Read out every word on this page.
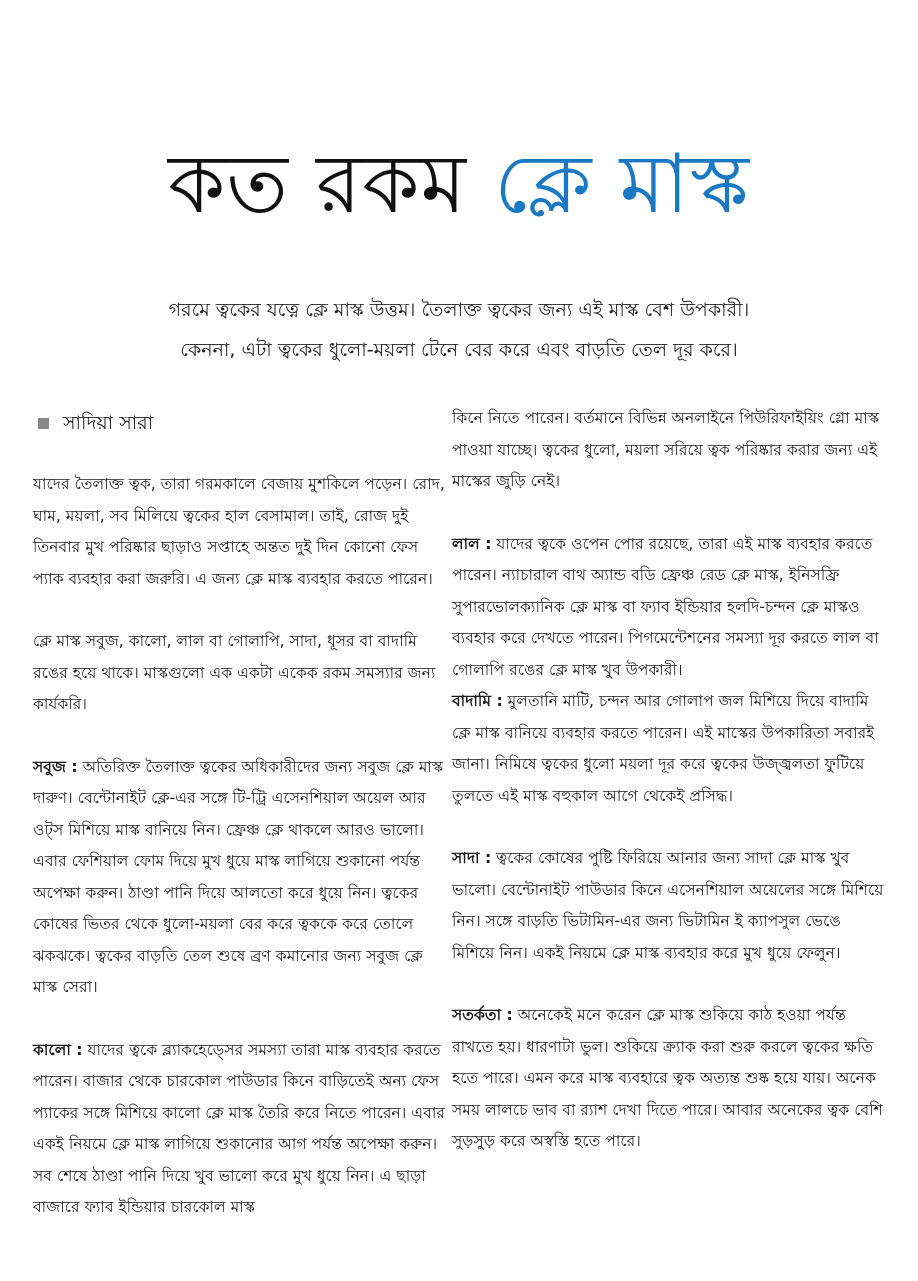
কত রকম ক্লে মাস্ক

গরমে ত্বকের যত্নে ক্লে মাস্ক উত্তম। তৈলাক্ত ত্বকের জন্য এই মাস্ক বেশ উপকারী।

কেননা, এটা ত্বকের ধুলো-ময়লা টেনে বের করে এবং বাড়তি তেল দূর করে।

সাদিয়া সারা

যাদের তৈলাক্ত ত্বক, তারা গরমকালে বেজায় মুশকিলে পড়েন। রোদ, ঘাম, ময়লা, সব মিলিয়ে ত্বকের হাল বেসামাল। তাই, রোজ দুই তিনবার মুখ পরিষ্কার ছাড়াও সপ্তাহে অন্তত দুই দিন কোনো ফেস প্যাক ব্যবহার করা জরুরি। এ জন্য ক্লে মাস্ক ব্যবহার করতে পারেন।

ক্লে মাস্ক সবুজ, কালো, লাল বা গোলাপি, সাদা, ধূসর বা বাদামি রঙের হয়ে থাকে। মাস্কগুলো এক একটা একেক রকম সমস্যার জন্য কার্যকরি।

সবুজ : অতিরিক্ত তৈলাক্ত ত্বকের অধিকারীদের জন্য সবুজ ক্লে মাস্ক দারুণ। বেন্টোনাইট ক্লে-এর সঙ্গে টি-ট্রি এসেনশিয়াল অয়েল আর ওট্স মিশিয়ে মাস্ক বানিয়ে নিন। ফ্রেঞ্চ ক্লে থাকলে আরও ভালো। এবার ফেশিয়াল ফোম দিয়ে মুখ ধুয়ে মাস্ক লাগিয়ে শুকানো পর্যন্ত অপেক্ষা করুন। ঠাণ্ডা পানি দিয়ে আলতো করে ধুয়ে নিন। ত্বকের কোষের ভিতর থেকে ধুলো-ময়লা বের করে ত্বককে করে তোলে ঝকঝকে। ত্বকের বাড়তি তেল শুষে ব্রণ কমানোর জন্য সবুজ ক্লে মাস্ক সেরা।

কালো : যাদের ত্বকে ব্ল্যাকহেড্সের সমস্যা তারা মাস্ক ব্যবহার করতে পারেন। বাজার থেকে চারকোল পাউডার কিনে বাড়িতেই অন্য ফেস প্যাকের সঙ্গে মিশিয়ে কালো ক্লে মাস্ক তৈরি করে নিতে পারেন। এবার একই নিয়মে ক্লে মাস্ক লাগিয়ে শুকানোর আগ পর্যন্ত অপেক্ষা করুন। সব শেষে ঠাণ্ডা পানি দিয়ে খুব ভালো করে মুখ ধুয়ে নিন। এ ছাড়া বাজারে ফ্যাব ইন্ডিয়ার চারকোল মাস্ক

কিনে নিতে পারেন। বর্তমানে বিভিন্ন অনলাইনে পিউরিফাইয়িং গ্লো মাস্ক পাওয়া যাচ্ছে। ত্বকের ধুলো, ময়লা সরিয়ে ত্বক পরিষ্কার করার জন্য এই মাস্কের জুড়ি নেই।

লাল : যাদের ত্বকে ওপেন পোর রয়েছে, তারা এই মাস্ক ব্যবহার করতে পারেন। ন্যাচারাল বাথ অ্যান্ড বডি ফ্রেঞ্চ রেড ক্লে মাস্ক, ইনিসফ্রি সুপারভোলক্যানিক ক্লে মাস্ক বা ফ্যাব ইন্ডিয়ার হলদি-চন্দন ক্লে মাস্কও ব্যবহার করে দেখতে পারেন। পিগমেন্টেশনের সমস্যা দূর করতে লাল বা গোলাপি রঙের ক্লে মাস্ক খুব উপকারী।

বাদামি : মুলতানি মাটি, চন্দন আর গোলাপ জল মিশিয়ে দিয়ে বাদামি ক্লে মাস্ক বানিয়ে ব্যবহার করতে পারেন। এই মাস্কের উপকারিতা সবারই জানা। নিমিষে ত্বকের ধুলো ময়লা দূর করে ত্বকের উজ্জ্বলতা ফুটিয়ে তুলতে এই মাস্ক বহুকাল আগে থেকেই প্রসিদ্ধ।

সাদা : ত্বকের কোষের পুষ্টি ফিরিয়ে আনার জন্য সাদা ক্লে মাস্ক খুব ভালো। বেন্টোনাইট পাউডার কিনে এসেনশিয়াল অয়েলের সঙ্গে মিশিয়ে নিন। সঙ্গে বাড়তি ভিটামিন-এর জন্য ভিটামিন ই ক্যাপসুল ভেঙে মিশিয়ে নিন। একই নিয়মে ক্লে মাস্ক ব্যবহার করে মুখ ধুয়ে ফেলুন।

সতর্কতা : অনেকেই মনে করেন ক্লে মাস্ক শুকিয়ে কাঠ হওয়া পর্যন্ত রাখতে হয়। ধারণাটা ভুল। শুকিয়ে ক্র্যাক করা শুরু করলে ত্বকের ক্ষতি হতে পারে। এমন করে মাস্ক ব্যবহারে ত্বক অত্যন্ত শুষ্ক হয়ে যায়। অনেক সময় লালচে ভাব বা র‍্যাশ দেখা দিতে পারে। আবার অনেকের ত্বক বেশি সুড়সুড় করে অস্বস্তি হতে পারে।
